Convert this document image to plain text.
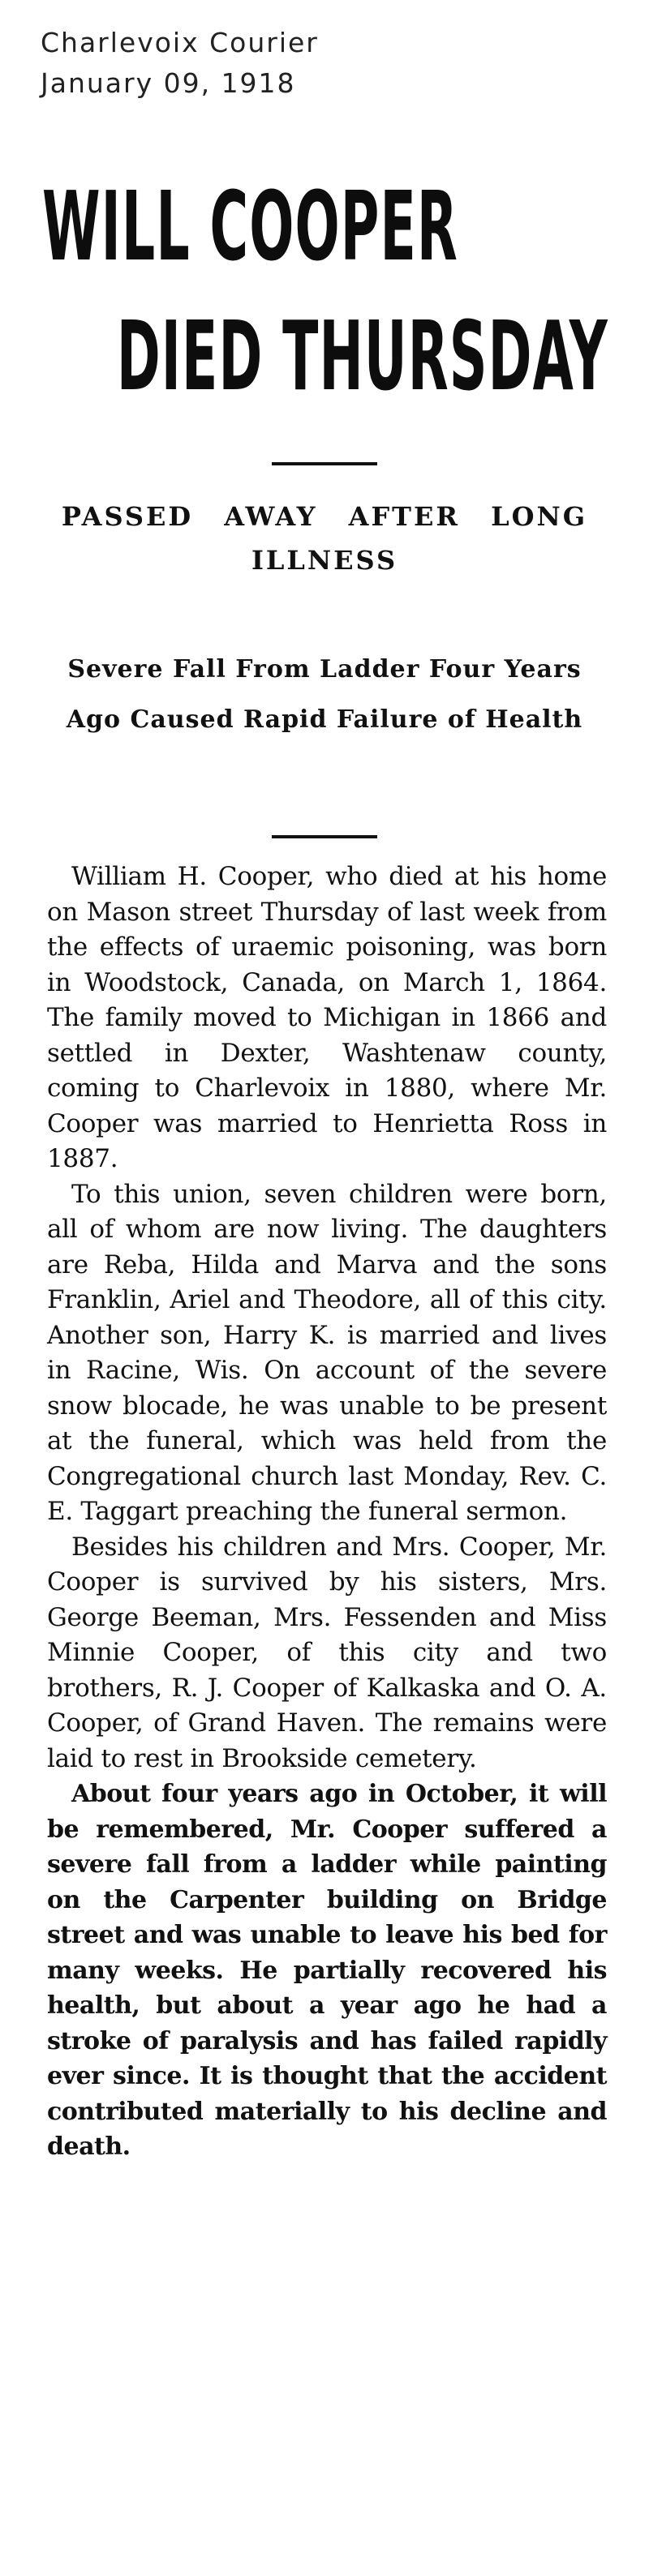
Charlevoix Courier
January 09, 1918
WILL COOPER
DIED THURSDAY
PASSED AWAY AFTER LONG ILLNESS
Severe Fall From Ladder Four Years Ago Caused Rapid Failure of Health

William H. Cooper, who died at his home on Mason street Thursday of last week from the effects of uraemic poisoning, was born in Woodstock, Canada, on March 1, 1864. The family moved to Michigan in 1866 and settled in Dexter, Washtenaw county, coming to Charlevoix in 1880, where Mr. Cooper was married to Henrietta Ross in 1887.

To this union, seven children were born, all of whom are now living. The daughters are Reba, Hilda and Marva and the sons Franklin, Ariel and Theodore, all of this city. Another son, Harry K. is married and lives in Racine, Wis. On account of the severe snow blocade, he was unable to be present at the funeral, which was held from the Congregational church last Monday, Rev. C. E. Taggart preaching the funeral sermon.

Besides his children and Mrs. Cooper, Mr. Cooper is survived by his sisters, Mrs. George Beeman, Mrs. Fessenden and Miss Minnie Cooper, of this city and two brothers, R. J. Cooper of Kalkaska and O. A. Cooper, of Grand Haven. The remains were laid to rest in Brookside cemetery.

About four years ago in October, it will be remembered, Mr. Cooper suffered a severe fall from a ladder while painting on the Carpenter building on Bridge street and was unable to leave his bed for many weeks. He partially recovered his health, but about a year ago he had a stroke of paralysis and has failed rapidly ever since. It is thought that the accident contributed materially to his decline and death.
